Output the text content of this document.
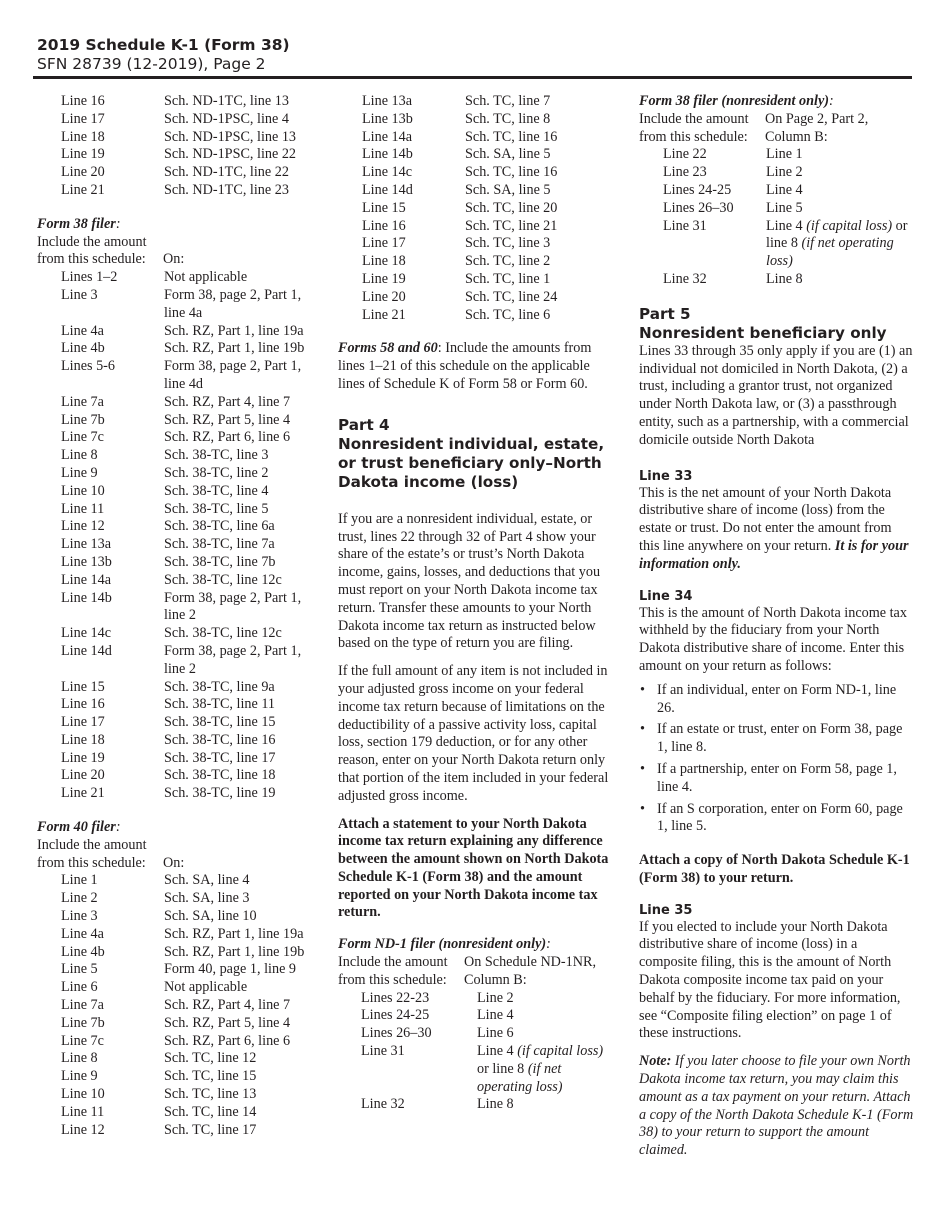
2019 Schedule K-1 (Form 38)
SFN 28739 (12-2019), Page 2
Line 16	Sch. ND-1TC, line 13
Line 17	Sch. ND-1PSC, line 4
Line 18	Sch. ND-1PSC, line 13
Line 19	Sch. ND-1PSC, line 22
Line 20	Sch. ND-1TC, line 22
Line 21	Sch. ND-1TC, line 23
Form 38 filer:
Include the amount
from this schedule:	On:
Lines 1–2	Not applicable
Line 3	Form 38, page 2, Part 1, line 4a
Line 4a	Sch. RZ, Part 1, line 19a
Line 4b	Sch. RZ, Part 1, line 19b
Lines 5-6	Form 38, page 2, Part 1, line 4d
Line 7a	Sch. RZ, Part 4, line 7
Line 7b	Sch. RZ, Part 5, line 4
Line 7c	Sch. RZ, Part 6, line 6
Line 8	Sch. 38-TC, line 3
Line 9	Sch. 38-TC, line 2
Line 10	Sch. 38-TC, line 4
Line 11	Sch. 38-TC, line 5
Line 12	Sch. 38-TC, line 6a
Line 13a	Sch. 38-TC, line 7a
Line 13b	Sch. 38-TC, line 7b
Line 14a	Sch. 38-TC, line 12c
Line 14b	Form 38, page 2, Part 1, line 2
Line 14c	Sch. 38-TC, line 12c
Line 14d	Form 38, page 2, Part 1, line 2
Line 15	Sch. 38-TC, line 9a
Line 16	Sch. 38-TC, line 11
Line 17	Sch. 38-TC, line 15
Line 18	Sch. 38-TC, line 16
Line 19	Sch. 38-TC, line 17
Line 20	Sch. 38-TC, line 18
Line 21	Sch. 38-TC, line 19
Form 40 filer:
Include the amount
from this schedule:	On:
Line 1	Sch. SA, line 4
Line 2	Sch. SA, line 3
Line 3	Sch. SA, line 10
Line 4a	Sch. RZ, Part 1, line 19a
Line 4b	Sch. RZ, Part 1, line 19b
Line 5	Form 40, page 1, line 9
Line 6	Not applicable
Line 7a	Sch. RZ, Part 4, line 7
Line 7b	Sch. RZ, Part 5, line 4
Line 7c	Sch. RZ, Part 6, line 6
Line 8	Sch. TC, line 12
Line 9	Sch. TC, line 15
Line 10	Sch. TC, line 13
Line 11	Sch. TC, line 14
Line 12	Sch. TC, line 17
Line 13a	Sch. TC, line 7
Line 13b	Sch. TC, line 8
Line 14a	Sch. TC, line 16
Line 14b	Sch. SA, line 5
Line 14c	Sch. TC, line 16
Line 14d	Sch. SA, line 5
Line 15	Sch. TC, line 20
Line 16	Sch. TC, line 21
Line 17	Sch. TC, line 3
Line 18	Sch. TC, line 2
Line 19	Sch. TC, line 1
Line 20	Sch. TC, line 24
Line 21	Sch. TC, line 6

Forms 58 and 60: Include the amounts from lines 1–21 of this schedule on the applicable lines of Schedule K of Form 58 or Form 60.

Part 4
Nonresident individual, estate, or trust beneficiary only–North Dakota income (loss)

If you are a nonresident individual, estate, or trust, lines 22 through 32 of Part 4 show your share of the estate’s or trust’s North Dakota income, gains, losses, and deductions that you must report on your North Dakota income tax return. Transfer these amounts to your North Dakota income tax return as instructed below based on the type of return you are filing.

If the full amount of any item is not included in your adjusted gross income on your federal income tax return because of limitations on the deductibility of a passive activity loss, capital loss, section 179 deduction, or for any other reason, enter on your North Dakota return only that portion of the item included in your federal adjusted gross income.

Attach a statement to your North Dakota income tax return explaining any difference between the amount shown on North Dakota Schedule K-1 (Form 38) and the amount reported on your North Dakota income tax return.

Form ND-1 filer (nonresident only):
Include the amount	On Schedule ND-1NR,
from this schedule:	Column B:
Lines 22-23	Line 2
Lines 24-25	Line 4
Lines 26–30	Line 6
Line 31	Line 4 (if capital loss) or line 8 (if net operating loss)
Line 32	Line 8
Form 38 filer (nonresident only):
Include the amount	On Page 2, Part 2,
from this schedule:	Column B:
Line 22	Line 1
Line 23	Line 2
Lines 24-25	Line 4
Lines 26–30	Line 5
Line 31	Line 4 (if capital loss) or line 8 (if net operating loss)
Line 32	Line 8
Part 5
Nonresident beneficiary only

Lines 33 through 35 only apply if you are (1) an individual not domiciled in North Dakota, (2) a trust, including a grantor trust, not organized under North Dakota law, or (3) a passthrough entity, such as a partnership, with a commercial domicile outside North Dakota

Line 33

This is the net amount of your North Dakota distributive share of income (loss) from the estate or trust. Do not enter the amount from this line anywhere on your return. It is for your information only.

Line 34

This is the amount of North Dakota income tax withheld by the fiduciary from your North Dakota distributive share of income. Enter this amount on your return as follows:

• If an individual, enter on Form ND-1, line 26.
• If an estate or trust, enter on Form 38, page 1, line 8.
• If a partnership, enter on Form 58, page 1, line 4.
• If an S corporation, enter on Form 60, page 1, line 5.

Attach a copy of North Dakota Schedule K-1 (Form 38) to your return.

Line 35

If you elected to include your North Dakota distributive share of income (loss) in a composite filing, this is the amount of North Dakota composite income tax paid on your behalf by the fiduciary. For more information, see “Composite filing election” on page 1 of these instructions.

Note: If you later choose to file your own North Dakota income tax return, you may claim this amount as a tax payment on your return. Attach a copy of the North Dakota Schedule K-1 (Form 38) to your return to support the amount claimed.
